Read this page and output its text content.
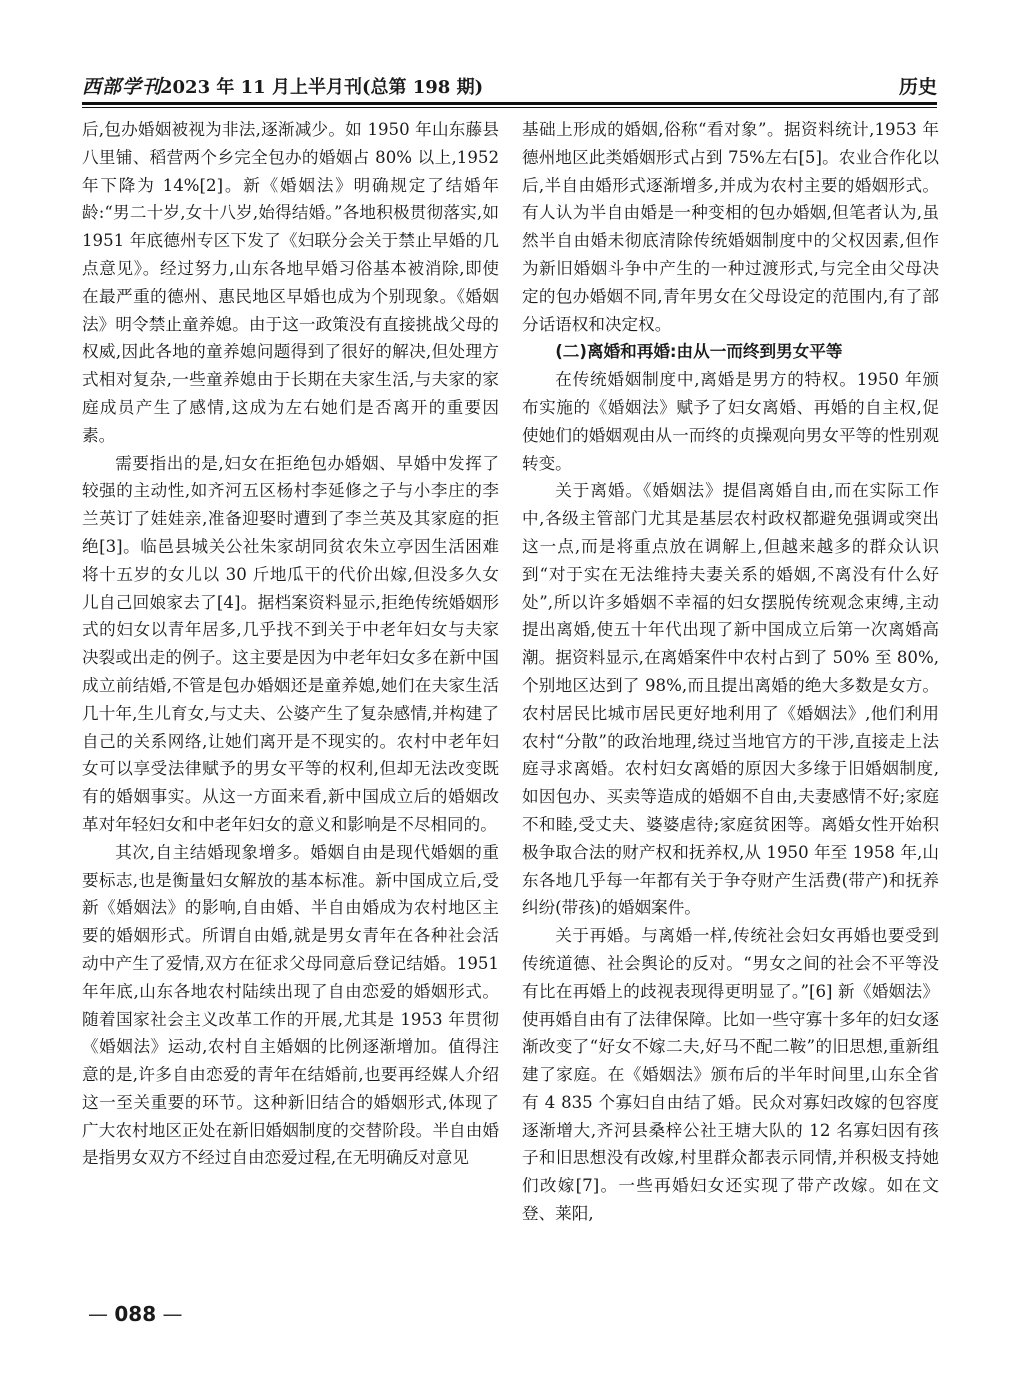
西部学刊
2023 年 11 月上半月刊(总第 198 期)	历史

后,包办婚姻被视为非法,逐渐减少。如 1950 年山东藤县八里铺、稻营两个乡完全包办的婚姻占 80% 以上,1952 年下降为 14%[2]。新《婚姻法》明确规定了结婚年龄:“男二十岁,女十八岁,始得结婚。”各地积极贯彻落实,如 1951 年底德州专区下发了《妇联分会关于禁止早婚的几点意见》。经过努力,山东各地早婚习俗基本被消除,即使在最严重的德州、惠民地区早婚也成为个别现象。《婚姻法》明令禁止童养媳。由于这一政策没有直接挑战父母的权威,因此各地的童养媳问题得到了很好的解决,但处理方式相对复杂,一些童养媳由于长期在夫家生活,与夫家的家庭成员产生了感情,这成为左右她们是否离开的重要因素。

需要指出的是,妇女在拒绝包办婚姻、早婚中发挥了较强的主动性,如齐河五区杨村李延修之子与小李庄的李兰英订了娃娃亲,准备迎娶时遭到了李兰英及其家庭的拒绝[3]。临邑县城关公社朱家胡同贫农朱立亭因生活困难将十五岁的女儿以 30 斤地瓜干的代价出嫁,但没多久女儿自己回娘家去了[4]。据档案资料显示,拒绝传统婚姻形式的妇女以青年居多,几乎找不到关于中老年妇女与夫家决裂或出走的例子。这主要是因为中老年妇女多在新中国成立前结婚,不管是包办婚姻还是童养媳,她们在夫家生活几十年,生儿育女,与丈夫、公婆产生了复杂感情,并构建了自己的关系网络,让她们离开是不现实的。农村中老年妇女可以享受法律赋予的男女平等的权利,但却无法改变既有的婚姻事实。从这一方面来看,新中国成立后的婚姻改革对年轻妇女和中老年妇女的意义和影响是不尽相同的。

其次,自主结婚现象增多。婚姻自由是现代婚姻的重要标志,也是衡量妇女解放的基本标准。新中国成立后,受新《婚姻法》的影响,自由婚、半自由婚成为农村地区主要的婚姻形式。所谓自由婚,就是男女青年在各种社会活动中产生了爱情,双方在征求父母同意后登记结婚。1951 年年底,山东各地农村陆续出现了自由恋爱的婚姻形式。随着国家社会主义改革工作的开展,尤其是 1953 年贯彻《婚姻法》运动,农村自主婚姻的比例逐渐增加。值得注意的是,许多自由恋爱的青年在结婚前,也要再经媒人介绍这一至关重要的环节。这种新旧结合的婚姻形式,体现了广大农村地区正处在新旧婚姻制度的交替阶段。半自由婚是指男女双方不经过自由恋爱过程,在无明确反对意见

基础上形成的婚姻,俗称“看对象”。据资料统计,1953 年德州地区此类婚姻形式占到 75%左右[5]。农业合作化以后,半自由婚形式逐渐增多,并成为农村主要的婚姻形式。有人认为半自由婚是一种变相的包办婚姻,但笔者认为,虽然半自由婚未彻底清除传统婚姻制度中的父权因素,但作为新旧婚姻斗争中产生的一种过渡形式,与完全由父母决定的包办婚姻不同,青年男女在父母设定的范围内,有了部分话语权和决定权。

(二)离婚和再婚:由从一而终到男女平等

在传统婚姻制度中,离婚是男方的特权。1950 年颁布实施的《婚姻法》赋予了妇女离婚、再婚的自主权,促使她们的婚姻观由从一而终的贞操观向男女平等的性别观转变。

关于离婚。《婚姻法》提倡离婚自由,而在实际工作中,各级主管部门尤其是基层农村政权都避免强调或突出这一点,而是将重点放在调解上,但越来越多的群众认识到“对于实在无法维持夫妻关系的婚姻,不离没有什么好处”,所以许多婚姻不幸福的妇女摆脱传统观念束缚,主动提出离婚,使五十年代出现了新中国成立后第一次离婚高潮。据资料显示,在离婚案件中农村占到了 50% 至 80%,个别地区达到了 98%,而且提出离婚的绝大多数是女方。农村居民比城市居民更好地利用了《婚姻法》,他们利用农村“分散”的政治地理,绕过当地官方的干涉,直接走上法庭寻求离婚。农村妇女离婚的原因大多缘于旧婚姻制度,如因包办、买卖等造成的婚姻不自由,夫妻感情不好;家庭不和睦,受丈夫、婆婆虐待;家庭贫困等。离婚女性开始积极争取合法的财产权和抚养权,从 1950 年至 1958 年,山东各地几乎每一年都有关于争夺财产生活费(带产)和抚养纠纷(带孩)的婚姻案件。

关于再婚。与离婚一样,传统社会妇女再婚也要受到传统道德、社会舆论的反对。“男女之间的社会不平等没有比在再婚上的歧视表现得更明显了。”[6] 新《婚姻法》使再婚自由有了法律保障。比如一些守寡十多年的妇女逐渐改变了“好女不嫁二夫,好马不配二鞍”的旧思想,重新组建了家庭。在《婚姻法》颁布后的半年时间里,山东全省有 4 835 个寡妇自由结了婚。民众对寡妇改嫁的包容度逐渐增大,齐河县桑梓公社王塘大队的 12 名寡妇因有孩子和旧思想没有改嫁,村里群众都表示同情,并积极支持她们改嫁[7]。一些再婚妇女还实现了带产改嫁。如在文登、莱阳,

— 088 —
